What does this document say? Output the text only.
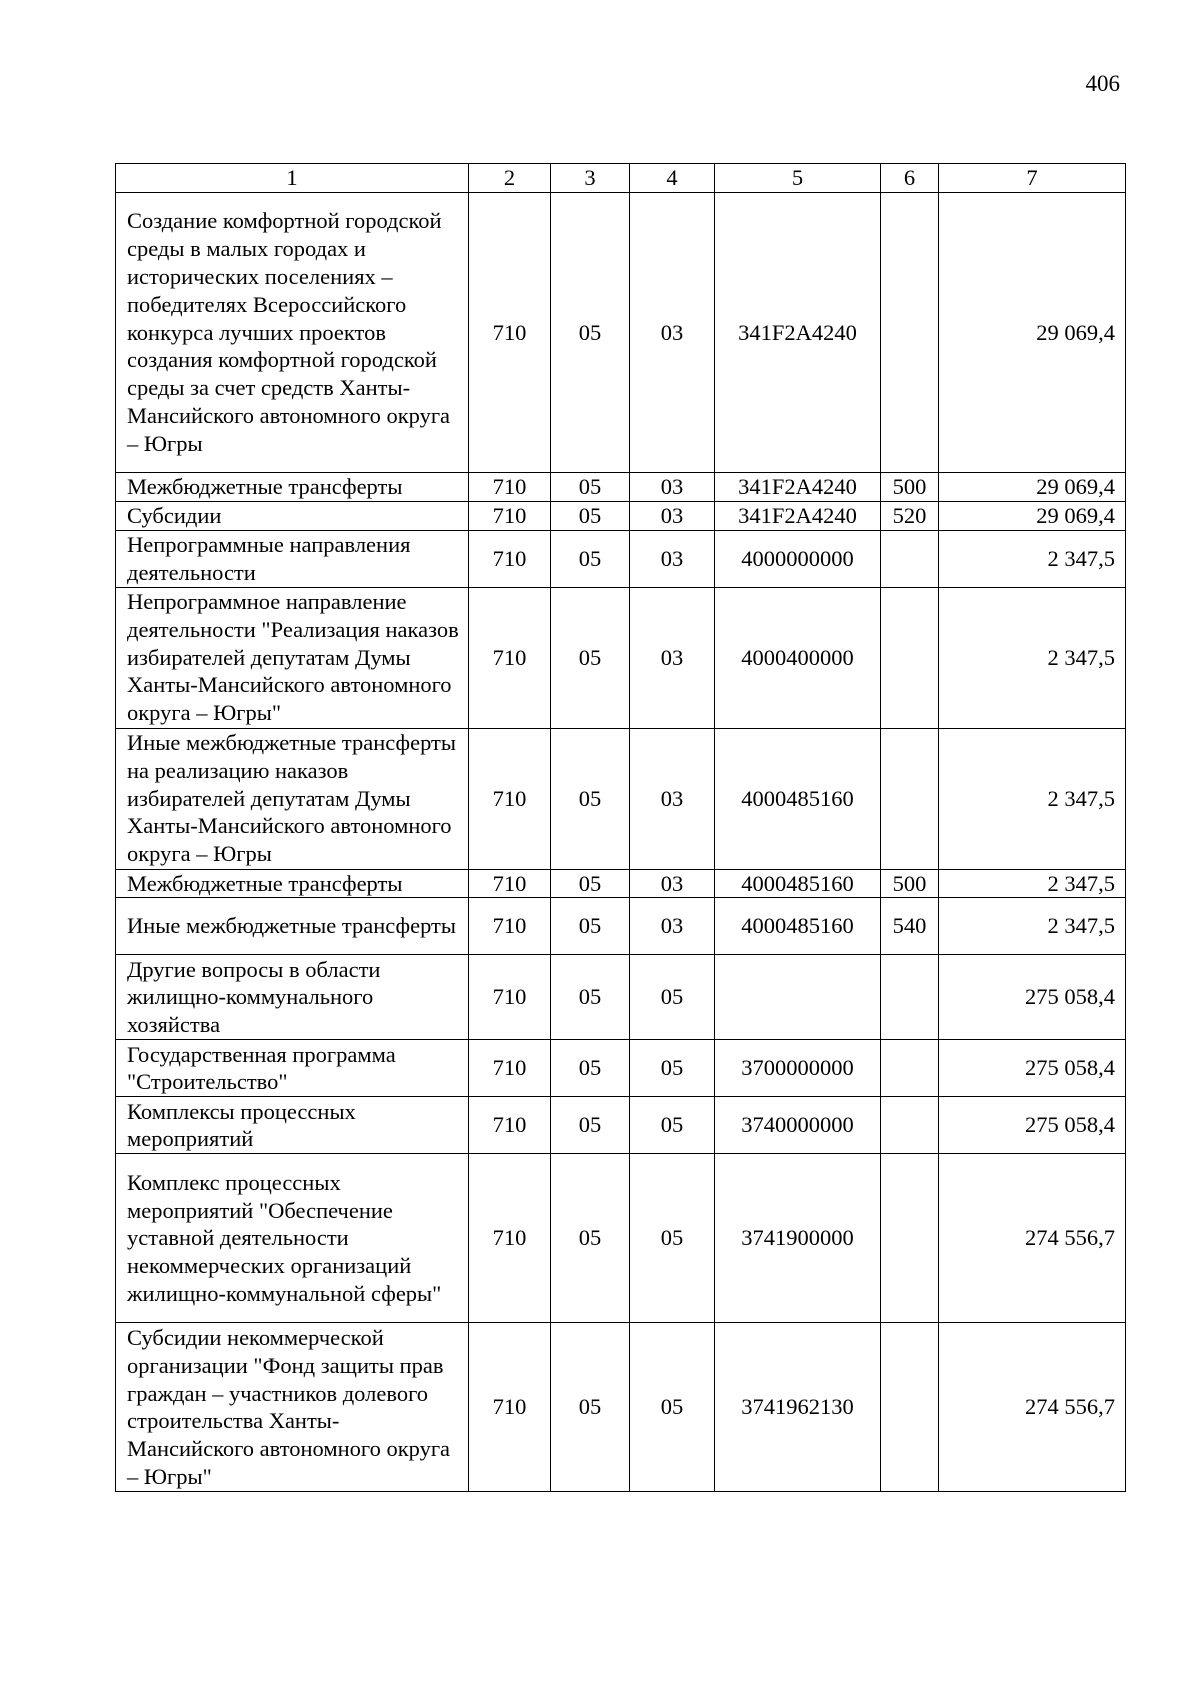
406
1	2	3	4	5	6	7
Создание комфортной городской среды в малых городах и исторических поселениях – победителях Всероссийского конкурса лучших проектов создания комфортной городской среды за счет средств Ханты-Мансийского автономного округа – Югры	710	05	03	341F2A4240		29 069,4
Межбюджетные трансферты	710	05	03	341F2A4240	500	29 069,4
Субсидии	710	05	03	341F2A4240	520	29 069,4
Непрограммные направления деятельности	710	05	03	4000000000		2 347,5
Непрограммное направление деятельности "Реализация наказов избирателей депутатам Думы Ханты-Мансийского автономного округа – Югры"	710	05	03	4000400000		2 347,5
Иные межбюджетные трансферты на реализацию наказов избирателей депутатам Думы Ханты-Мансийского автономного округа – Югры	710	05	03	4000485160		2 347,5
Межбюджетные трансферты	710	05	03	4000485160	500	2 347,5
Иные межбюджетные трансферты	710	05	03	4000485160	540	2 347,5
Другие вопросы в области жилищно-коммунального хозяйства	710	05	05			275 058,4
Государственная программа "Строительство"	710	05	05	3700000000		275 058,4
Комплексы процессных мероприятий	710	05	05	3740000000		275 058,4
Комплекс процессных мероприятий "Обеспечение уставной деятельности некоммерческих организаций жилищно-коммунальной сферы"	710	05	05	3741900000		274 556,7
Субсидии некоммерческой организации "Фонд защиты прав граждан – участников долевого строительства Ханты-Мансийского автономного округа – Югры"	710	05	05	3741962130		274 556,7
